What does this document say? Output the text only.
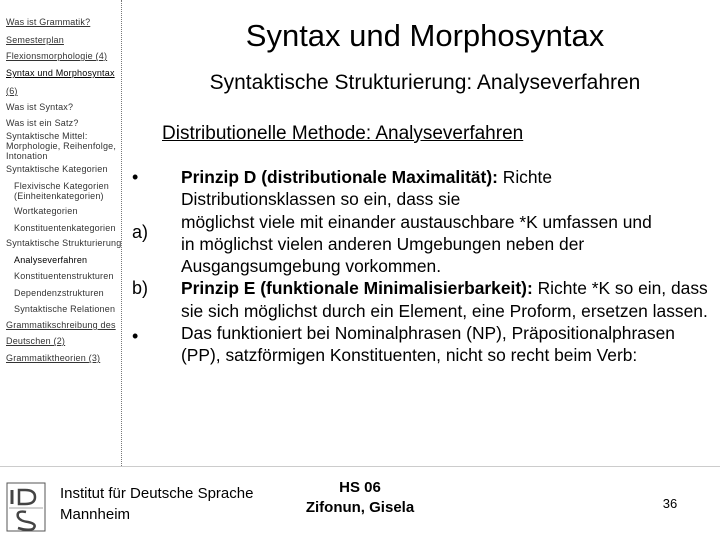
Was ist Grammatik?
Semesterplan
Flexionsmorphologie (4)
Syntax und Morphosyntax
(6)
Was ist Syntax?
Was ist ein Satz?
Syntaktische Mittel: Morphologie, Reihenfolge, Intonation
Syntaktische Kategorien
Flexivische Kategorien (Einheitenkategorien)
Wortkategorien
Konstituentenkategorien
Syntaktische Strukturierung
Analyseverfahren
Konstituentenstrukturen
Dependenzstrukturen
Syntaktische Relationen
Grammatikschreibung des
Deutschen (2)
Grammatiktheorien (3)
Syntax und Morphosyntax
Syntaktische Strukturierung: Analyseverfahren
Distributionelle Methode: Analyseverfahren
•
a)
b)
•

Prinzip D (distributionale Maximalität): Richte Distributionsklassen so ein, dass sie

möglichst viele mit einander austauschbare *K umfassen und

in möglichst vielen anderen Umgebungen neben der Ausgangsumgebung vorkommen.

Prinzip E (funktionale Minimalisierbarkeit): Richte *K so ein, dass sie sich möglichst durch ein Element, eine Proform, ersetzen lassen. Das funktioniert bei Nominalphrasen (NP), Präpositionalphrasen (PP), satzförmigen Konstituenten, nicht so recht beim Verb:

Institut für Deutsche Sprache
Mannheim
HS 06
Zifonun, Gisela	36
